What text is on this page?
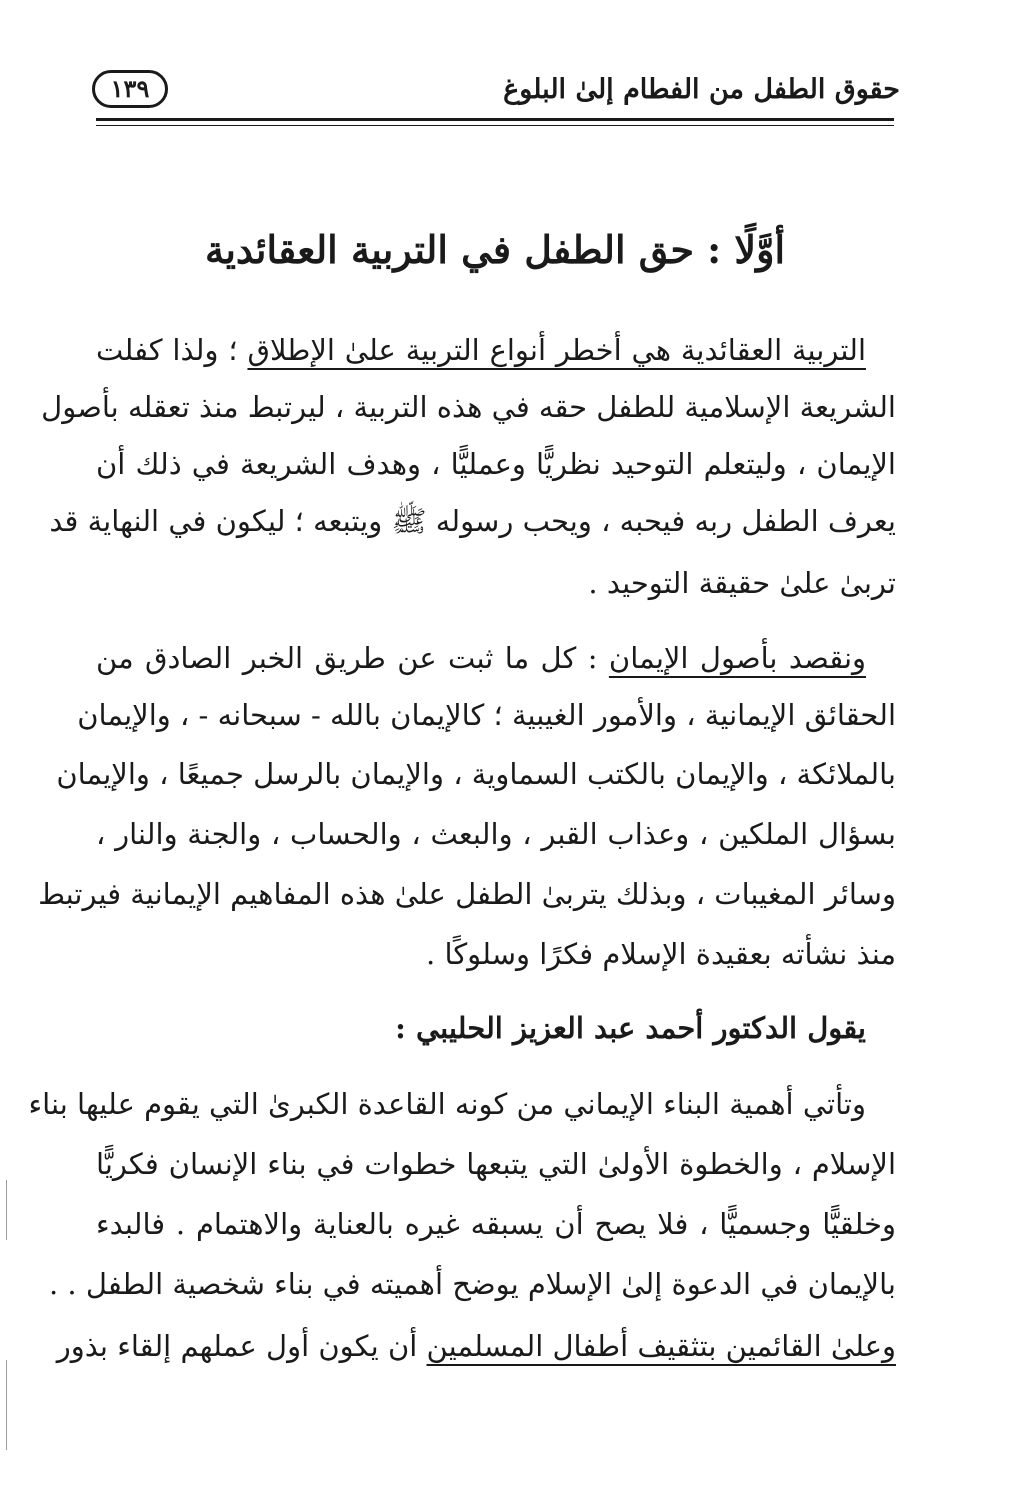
حقوق الطفل من الفطام إلىٰ البلوغ
١٣٩
أوَّلًا : حق الطفل في التربية العقائدية
التربية العقائدية هي أخطر أنواع التربية علىٰ الإطلاق ؛ ولذا كفلت
الشريعة الإسلامية للطفل حقه في هذه التربية ، ليرتبط منذ تعقله بأصول
الإيمان ، وليتعلم التوحيد نظريًّا وعمليًّا ، وهدف الشريعة في ذلك أن
يعرف الطفل ربه فيحبه ، ويحب رسوله ﷺ ويتبعه ؛ ليكون في النهاية قد
تربىٰ علىٰ حقيقة التوحيد .
ونقصد بأصول الإيمان : كل ما ثبت عن طريق الخبر الصادق من
الحقائق الإيمانية ، والأمور الغيبية ؛ كالإيمان بالله - سبحانه - ، والإيمان
بالملائكة ، والإيمان بالكتب السماوية ، والإيمان بالرسل جميعًا ، والإيمان
بسؤال الملكين ، وعذاب القبر ، والبعث ، والحساب ، والجنة والنار ،
وسائر المغيبات ، وبذلك يتربىٰ الطفل علىٰ هذه المفاهيم الإيمانية فيرتبط
منذ نشأته بعقيدة الإسلام فكرًا وسلوكًا .
يقول الدكتور أحمد عبد العزيز الحليبي :
وتأتي أهمية البناء الإيماني من كونه القاعدة الكبرىٰ التي يقوم عليها بناء
الإسلام ، والخطوة الأولىٰ التي يتبعها خطوات في بناء الإنسان فكريًّا
وخلقيًّا وجسميًّا ، فلا يصح أن يسبقه غيره بالعناية والاهتمام . فالبدء
بالإيمان في الدعوة إلىٰ الإسلام يوضح أهميته في بناء شخصية الطفل . .
وعلىٰ القائمين بتثقيف أطفال المسلمين أن يكون أول عملهم إلقاء بذور
